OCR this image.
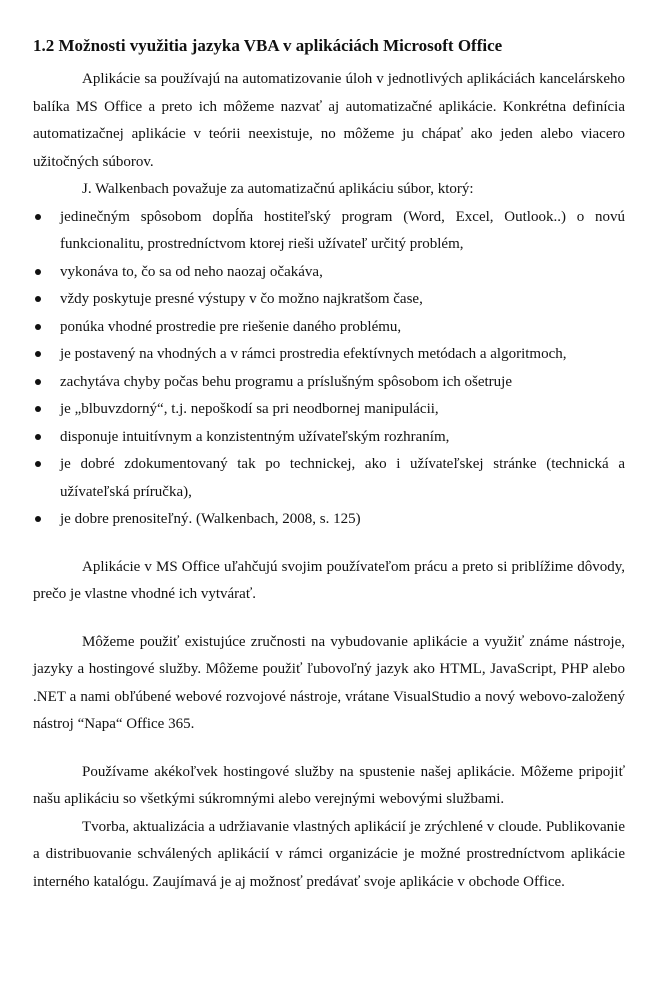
1.2 Možnosti využitia jazyka VBA v aplikáciách Microsoft Office

Aplikácie sa používajú na automatizovanie úloh v jednotlivých aplikáciách kancelárskeho balíka MS Office a preto ich môžeme nazvať aj automatizačné aplikácie. Konkrétna definícia automatizačnej aplikácie v teórii neexistuje, no môžeme ju chápať ako jeden alebo viacero užitočných súborov.

J. Walkenbach považuje za automatizačnú aplikáciu súbor, ktorý:

jedinečným spôsobom dopĺňa hostiteľský program (Word, Excel, Outlook..) o novú funkcionalitu, prostredníctvom ktorej rieši užívateľ určitý problém,
vykonáva to, čo sa od neho naozaj očakáva,
vždy poskytuje presné výstupy v čo možno najkratšom čase,
ponúka vhodné prostredie pre riešenie daného problému,
je postavený na vhodných a v rámci prostredia efektívnych metódach a algoritmoch,
zachytáva chyby počas behu programu a príslušným spôsobom ich ošetruje
je „blbuvzdorný“, t.j. nepoškodí sa pri neodbornej manipulácii,
disponuje intuitívnym a konzistentným užívateľským rozhraním,
je dobré zdokumentovaný tak po technickej, ako i užívateľskej stránke (technická a užívateľská príručka),
je dobre prenositeľný. (Walkenbach, 2008, s. 125)

Aplikácie v MS Office uľahčujú svojim používateľom prácu a preto si priblížime dôvody, prečo je vlastne vhodné ich vytvárať.

Môžeme použiť existujúce zručnosti na vybudovanie aplikácie a využiť známe nástroje, jazyky a hostingové služby. Môžeme použiť ľubovoľný jazyk ako HTML, JavaScript, PHP alebo .NET a nami obľúbené webové rozvojové nástroje, vrátane VisualStudio a nový webovo-založený nástroj “Napa“ Office 365.

Používame akékoľvek hostingové služby na spustenie našej aplikácie. Môžeme pripojiť našu aplikáciu so všetkými súkromnými alebo verejnými webovými službami.

Tvorba, aktualizácia a udržiavanie vlastných aplikácií je zrýchlené v cloude. Publikovanie a distribuovanie schválených aplikácií v rámci organizácie je možné prostredníctvom aplikácie interného katalógu. Zaujímavá je aj možnosť predávať svoje aplikácie v obchode Office.
